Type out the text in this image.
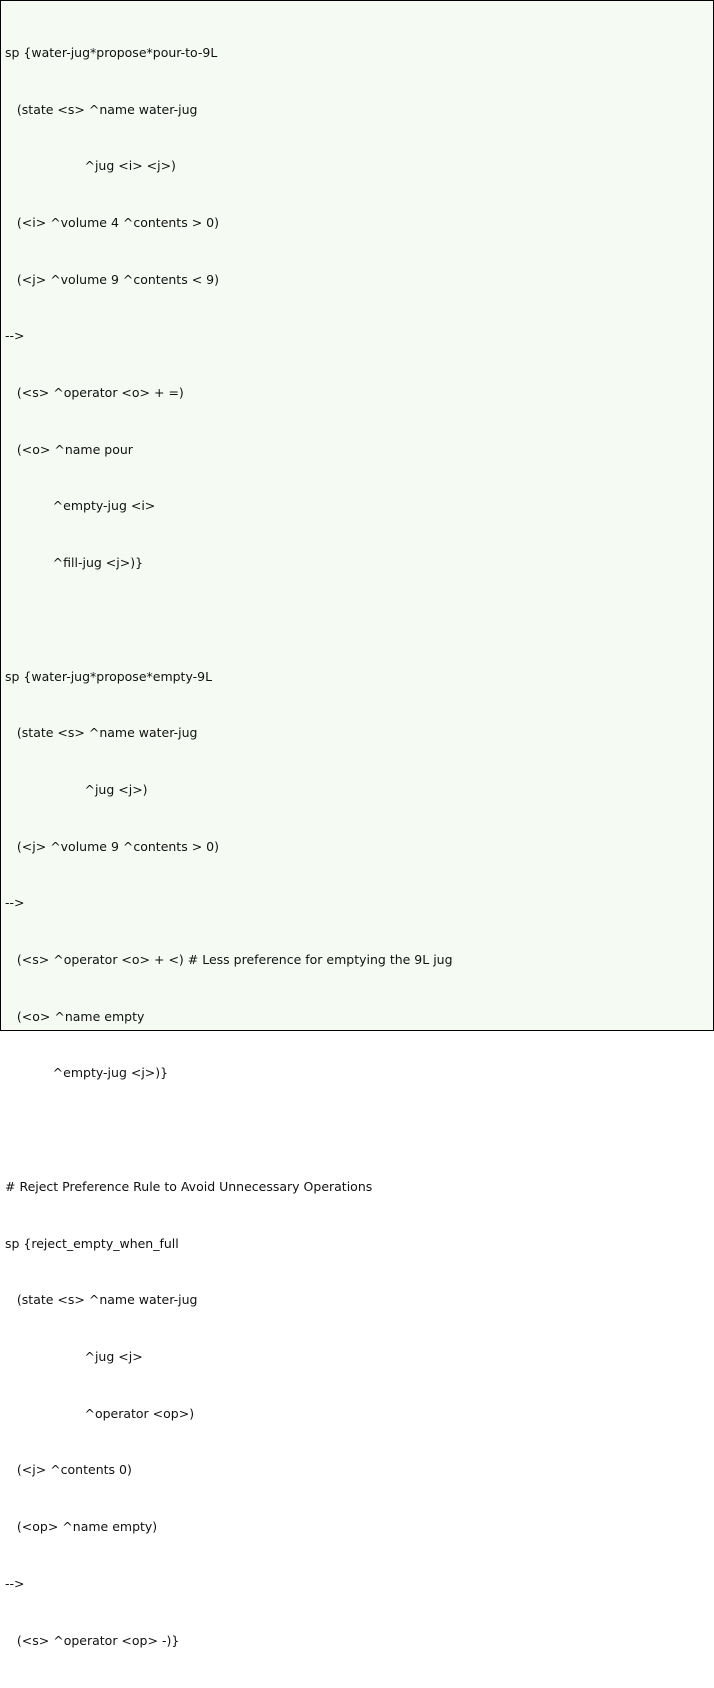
sp {water-jug*propose*pour-to-9L

(state <s> ^name water-jug

^jug <i> <j>)

(<i> ^volume 4 ^contents > 0)

(<j> ^volume 9 ^contents < 9)

-->

(<s> ^operator <o> + =)

(<o> ^name pour

^empty-jug <i>

^fill-jug <j>)}

sp {water-jug*propose*empty-9L

(state <s> ^name water-jug

^jug <j>)

(<j> ^volume 9 ^contents > 0)

-->

(<s> ^operator <o> + <) # Less preference for emptying the 9L jug

(<o> ^name empty

^empty-jug <j>)}

# Reject Preference Rule to Avoid Unnecessary Operations

sp {reject_empty_when_full

(state <s> ^name water-jug

^jug <j>

^operator <op>)

(<j> ^contents 0)

(<op> ^name empty)

-->

(<s> ^operator <op> -)}
